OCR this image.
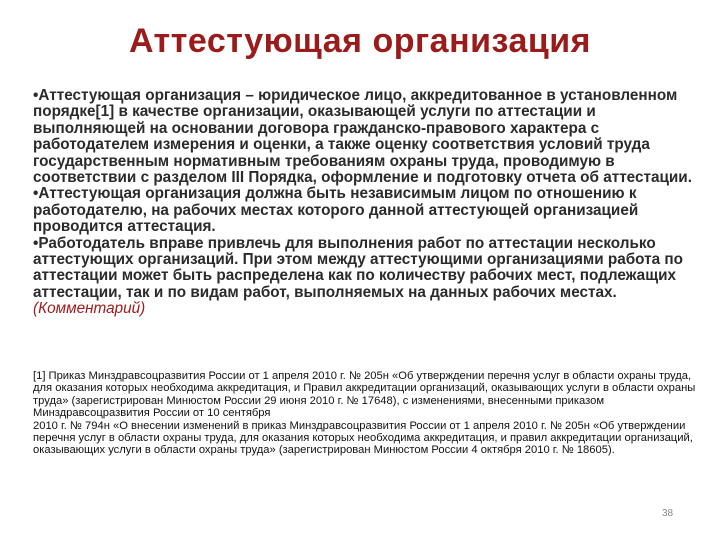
Аттестующая организация

• Аттестующая организация – юридическое лицо, аккредитованное в установленном порядке[1] в качестве организации, оказывающей услуги по аттестации и выполняющей на основании договора гражданско-правового характера с работодателем измерения и оценки, а также оценку соответствия условий труда государственным нормативным требованиям охраны труда, проводимую в соответствии с разделом III Порядка, оформление и подготовку отчета об аттестации.

• Аттестующая организация должна быть независимым лицом по отношению к работодателю, на рабочих местах которого данной аттестующей организацией проводится аттестация.

• Работодатель вправе привлечь для выполнения работ по аттестации несколько аттестующих организаций. При этом между аттестующими организациями работа по аттестации может быть распределена как по количеству рабочих мест, подлежащих аттестации, так и по видам работ, выполняемых на данных рабочих местах. (Комментарий)

[1] Приказ Минздравсоцразвития России от 1 апреля 2010 г. № 205н «Об утверждении перечня услуг в области охраны труда, для оказания которых необходима аккредитация, и Правил аккредитации организаций, оказывающих услуги в области охраны труда» (зарегистрирован Минюстом России 29 июня 2010 г. № 17648), с изменениями, внесенными приказом Минздравсоцразвития России от 10 сентября

2010 г. № 794н «О внесении изменений в приказ Минздравсоцразвития России от 1 апреля 2010 г. № 205н «Об утверждении перечня услуг в области охраны труда, для оказания которых необходима аккредитация, и правил аккредитации организаций, оказывающих услуги в области охраны труда» (зарегистрирован Минюстом России 4 октября 2010 г. № 18605).

38
